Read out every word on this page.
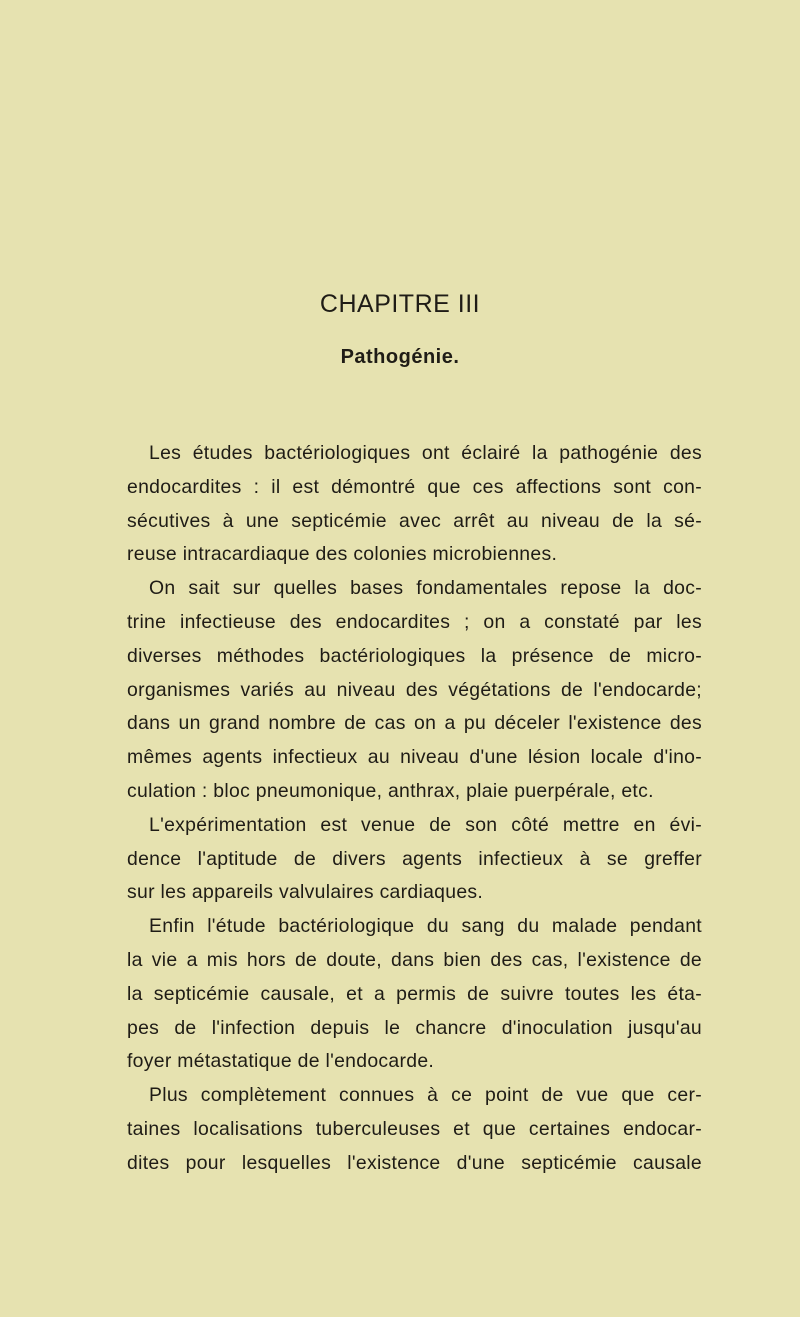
CHAPITRE III
Pathogénie.

Les études bactériologiques ont éclairé la pathogénie des

endocardites : il est démontré que ces affections sont con-

sécutives à une septicémie avec arrêt au niveau de la sé-

reuse intracardiaque des colonies microbiennes.

On sait sur quelles bases fondamentales repose la doc-

trine infectieuse des endocardites ; on a constaté par les

diverses méthodes bactériologiques la présence de micro-

organismes variés au niveau des végétations de l'endocarde;

dans un grand nombre de cas on a pu déceler l'existence des

mêmes agents infectieux au niveau d'une lésion locale d'ino-

culation : bloc pneumonique, anthrax, plaie puerpérale, etc.

L'expérimentation est venue de son côté mettre en évi-

dence l'aptitude de divers agents infectieux à se greffer

sur les appareils valvulaires cardiaques.

Enfin l'étude bactériologique du sang du malade pendant

la vie a mis hors de doute, dans bien des cas, l'existence de

la septicémie causale, et a permis de suivre toutes les éta-

pes de l'infection depuis le chancre d'inoculation jusqu'au

foyer métastatique de l'endocarde.

Plus complètement connues à ce point de vue que cer-

taines localisations tuberculeuses et que certaines endocar-

dites pour lesquelles l'existence d'une septicémie causale
